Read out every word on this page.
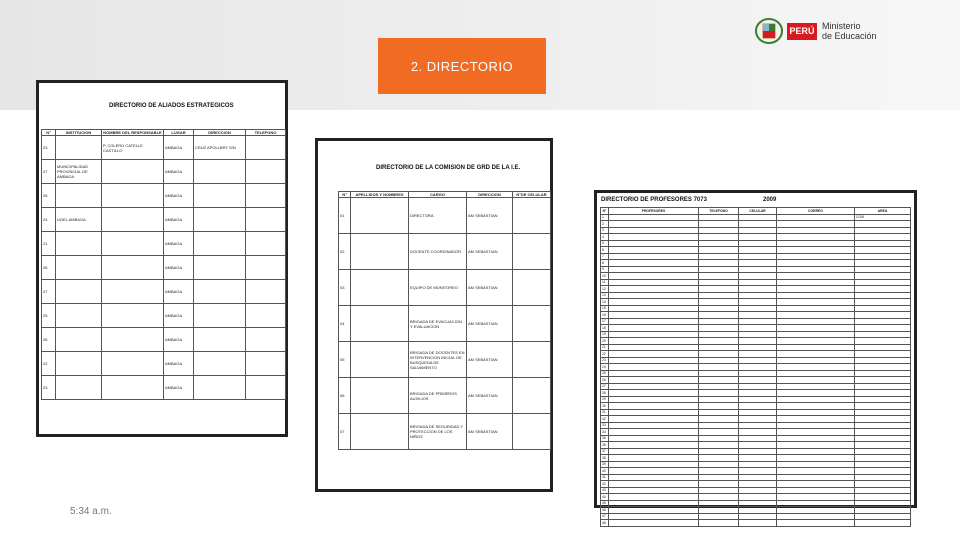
2. DIRECTORIO
PERÚ Ministerio
de Educación
DIRECTORIO DE ALIADOS ESTRATEGICOS
N°	INSTITUCION	NOMBRE DEL RESPONSABLE	LUGAR	DIRECCION	TELEFONO
23		P. COLERO CATELLE CASTILLO	AMBAGA	CRUZ APOLLBRY S/N	
27	MUNICIPALIDAD PROVINCIAL DE AMBAGA		AMBAGA		
28			AMBAGA		
24	UGEL AMBAGA		AMBAGA		
21			AMBAGA		
26			AMBAGA		
27			AMBAGA		
25			AMBAGA		
26			AMBAGA		
22			AMBAGA		
23			AMBAGA		
DIRECTORIO DE LA COMISION DE GRD DE LA I.E.
N°	APELLIDOS Y NOMBRES	CARGO	DIRECCION	N°DE CELULAR
01		DIRECTORA	AM SEBASTIAN	
02		DOCENTE COORDINADOR	AM SEBASTIAN	
03		EQUIPO DE MONITOREO	AM SEBASTIAN	
04		BRIGADA DE EVACUACION Y EVALUACION	AM SEBASTIAN	
05		BRIGADA DE DOCENTES EN INTERVENCION INICIAL DE BUSQUEDA DE SALVAMENTO	AM SEBASTIAN	
06		BRIGADA DE PRIMEROS AUXILIOS	AM SEBASTIAN	
07		BRIGADA DE SEGURIDAD Y PROTECCION DE LOS NIÑOS	AM SEBASTIAN	
DIRECTORIO DE PROFESORES 7073	2009
N°	PROFESORES	TELEFONO	CELULAR	CORREO	AREA
1					COM
2					
3					
4					
5					
6					
7					
8					
9					
10					
11					
12					
13					
14					
15					
16					
17					
18					
19					
20					
21					
22					
23					
24					
25					
26					
27					
28					
29					
30					
31					
32					
33					
34					
35					
36					
37					
38					
39					
40					
41					
42					
43					
44					
45					
46					
47					
48					
5:34 a.m.
